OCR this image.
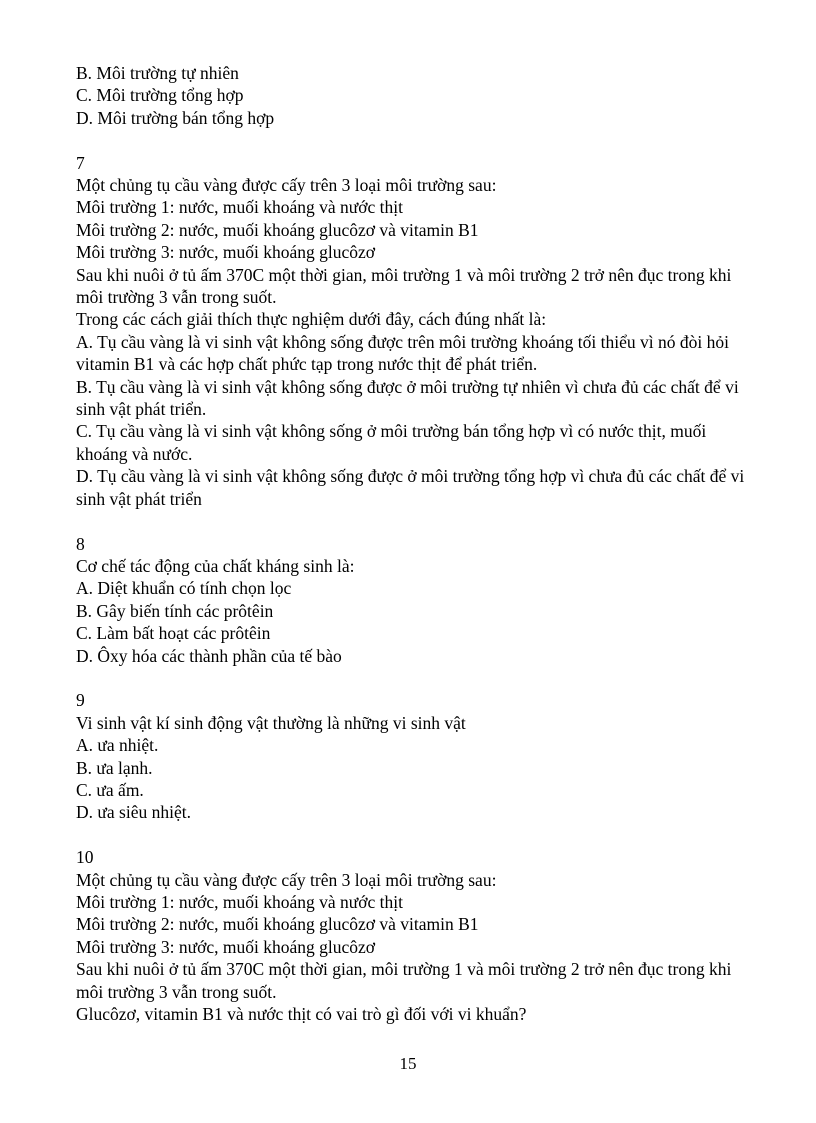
B. Môi trường tự nhiên

C. Môi trường tổng hợp

D. Môi trường bán tổng hợp

7

Một chủng tụ cầu vàng được cấy trên 3 loại môi trường sau:

Môi trường 1: nước, muối khoáng và nước thịt

Môi trường 2: nước, muối khoáng glucôzơ và vitamin B1

Môi trường 3: nước, muối khoáng glucôzơ

Sau khi nuôi ở tủ ấm 370C một thời gian, môi trường 1 và môi trường 2 trở nên đục trong khi môi trường 3 vẫn trong suốt.

Trong các cách giải thích thực nghiệm dưới đây, cách đúng nhất là:

A. Tụ cầu vàng là vi sinh vật không sống được trên môi trường khoáng tối thiểu vì nó đòi hỏi vitamin B1 và các hợp chất phức tạp trong nước thịt để phát triển.

B. Tụ cầu vàng là vi sinh vật không sống được ở môi trường tự nhiên vì chưa đủ các chất để vi sinh vật phát triển.

C. Tụ cầu vàng là vi sinh vật không sống ở môi trường bán tổng hợp vì có nước thịt, muối khoáng và nước.

D. Tụ cầu vàng là vi sinh vật không sống được ở môi trường tổng hợp vì chưa đủ các chất để vi sinh vật phát triển

8

Cơ chế tác động của chất kháng sinh là:

A. Diệt khuẩn có tính chọn lọc

B. Gây biến tính các prôtêin

C. Làm bất hoạt các prôtêin

D. Ôxy hóa các thành phần của tế bào

9

Vi sinh vật kí sinh động vật thường là những vi sinh vật

A. ưa nhiệt.

B. ưa lạnh.

C. ưa ấm.

D. ưa siêu nhiệt.

10

Một chủng tụ cầu vàng được cấy trên 3 loại môi trường sau:

Môi trường 1: nước, muối khoáng và nước thịt

Môi trường 2: nước, muối khoáng glucôzơ và vitamin B1

Môi trường 3: nước, muối khoáng glucôzơ

Sau khi nuôi ở tủ ấm 370C một thời gian, môi trường 1 và môi trường 2 trở nên đục trong khi môi trường 3 vẫn trong suốt.

Glucôzơ, vitamin B1 và nước thịt có vai trò gì đối với vi khuẩn?

15
